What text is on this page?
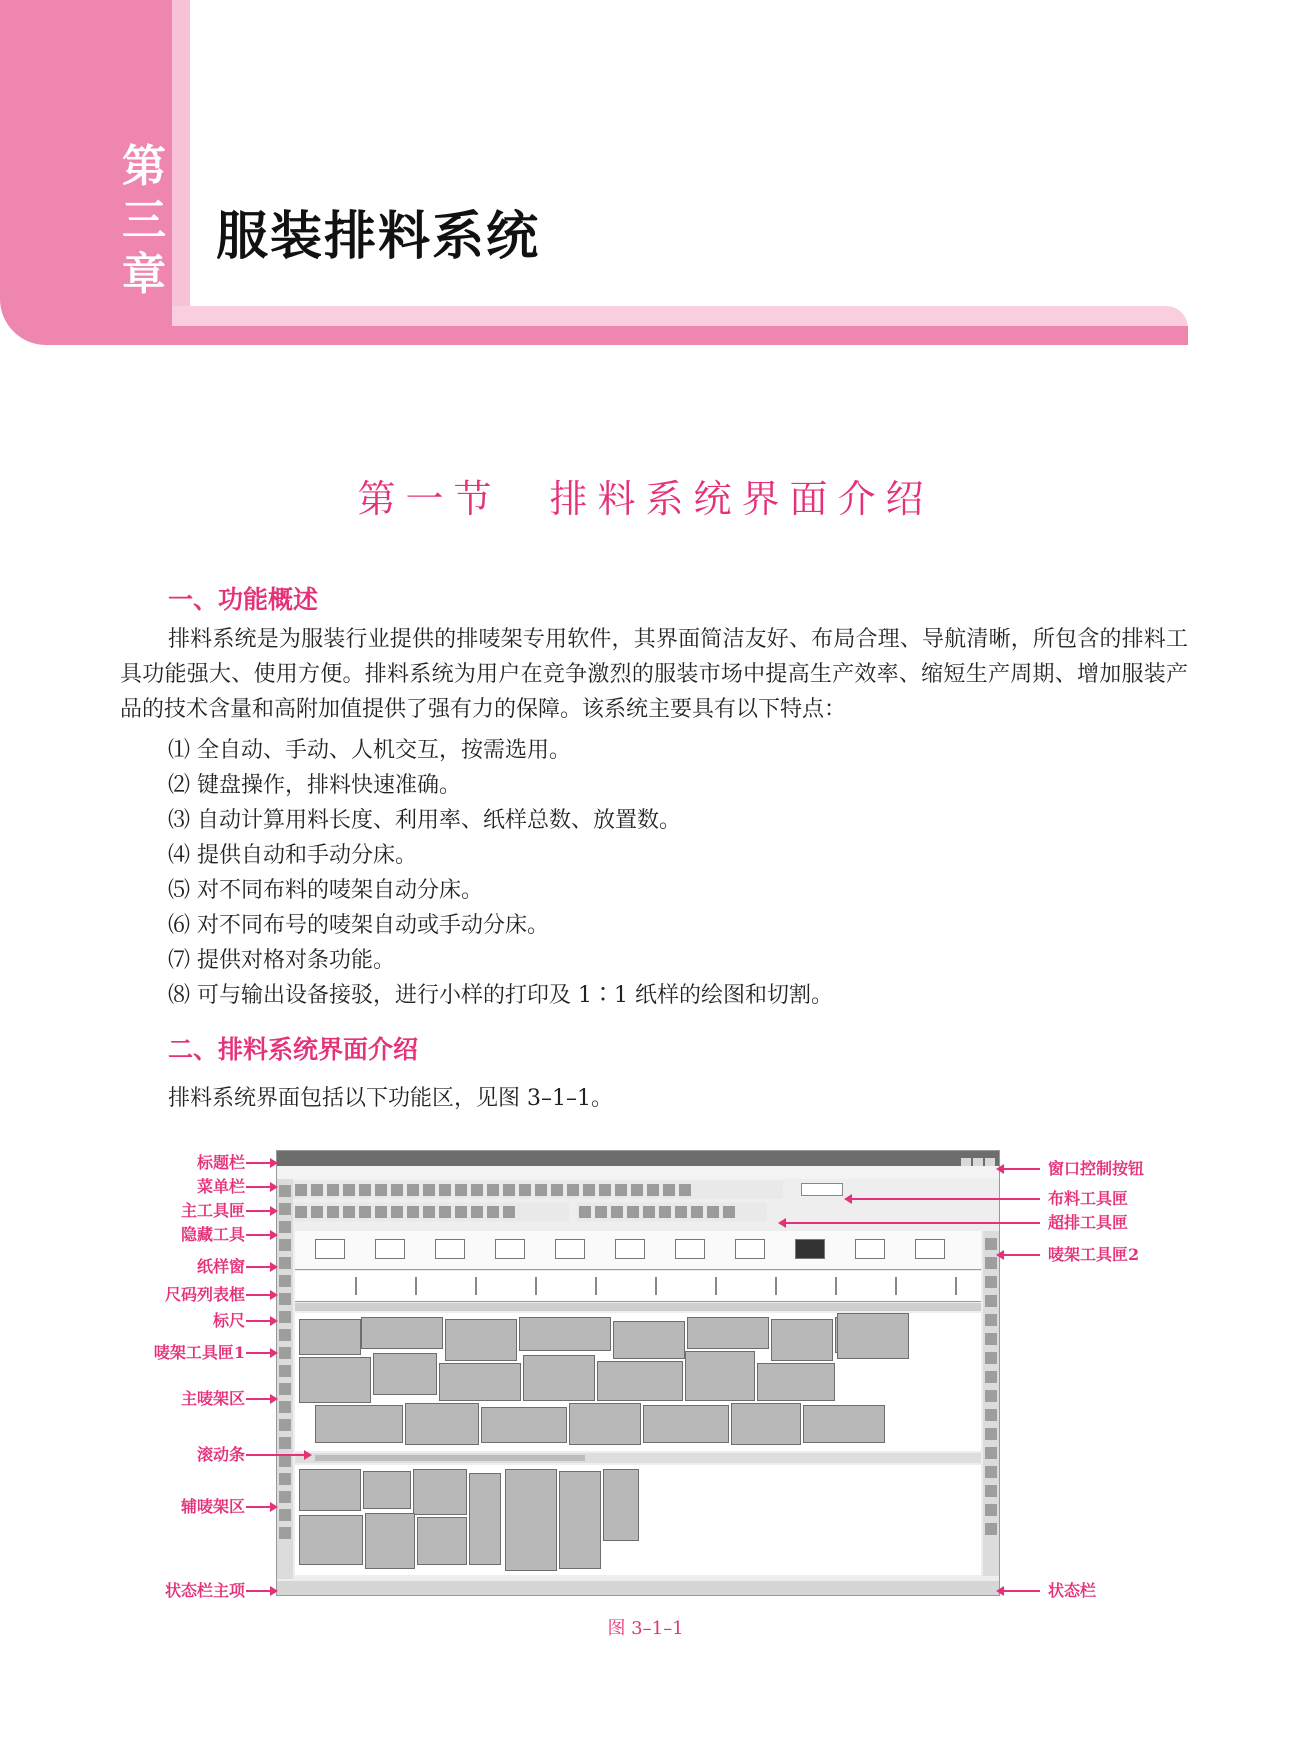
第
三
章
服装排料系统
第一节　排料系统界面介绍
一、功能概述
排料系统是为服装行业提供的排唛架专用软件，其界面简洁友好、布局合理、导航清晰，所包含的排料工具功能强大、使用方便。排料系统为用户在竞争激烈的服装市场中提高生产效率、缩短生产周期、增加服装产品的技术含量和高附加值提供了强有力的保障。该系统主要具有以下特点：
⑴ 全自动、手动、人机交互，按需选用。
⑵ 键盘操作，排料快速准确。
⑶ 自动计算用料长度、利用率、纸样总数、放置数。
⑷ 提供自动和手动分床。
⑸ 对不同布料的唛架自动分床。
⑹ 对不同布号的唛架自动或手动分床。
⑺ 提供对格对条功能。
⑻ 可与输出设备接驳，进行小样的打印及 1∶1 纸样的绘图和切割。
二、排料系统界面介绍
排料系统界面包括以下功能区，见图 3–1–1。
标题栏
菜单栏
主工具匣
隐藏工具
纸样窗
尺码列表框
标尺
唛架工具匣1
主唛架区
滚动条
辅唛架区
状态栏主项
窗口控制按钮
布料工具匣
超排工具匣
唛架工具匣2
状态栏
图 3–1–1
